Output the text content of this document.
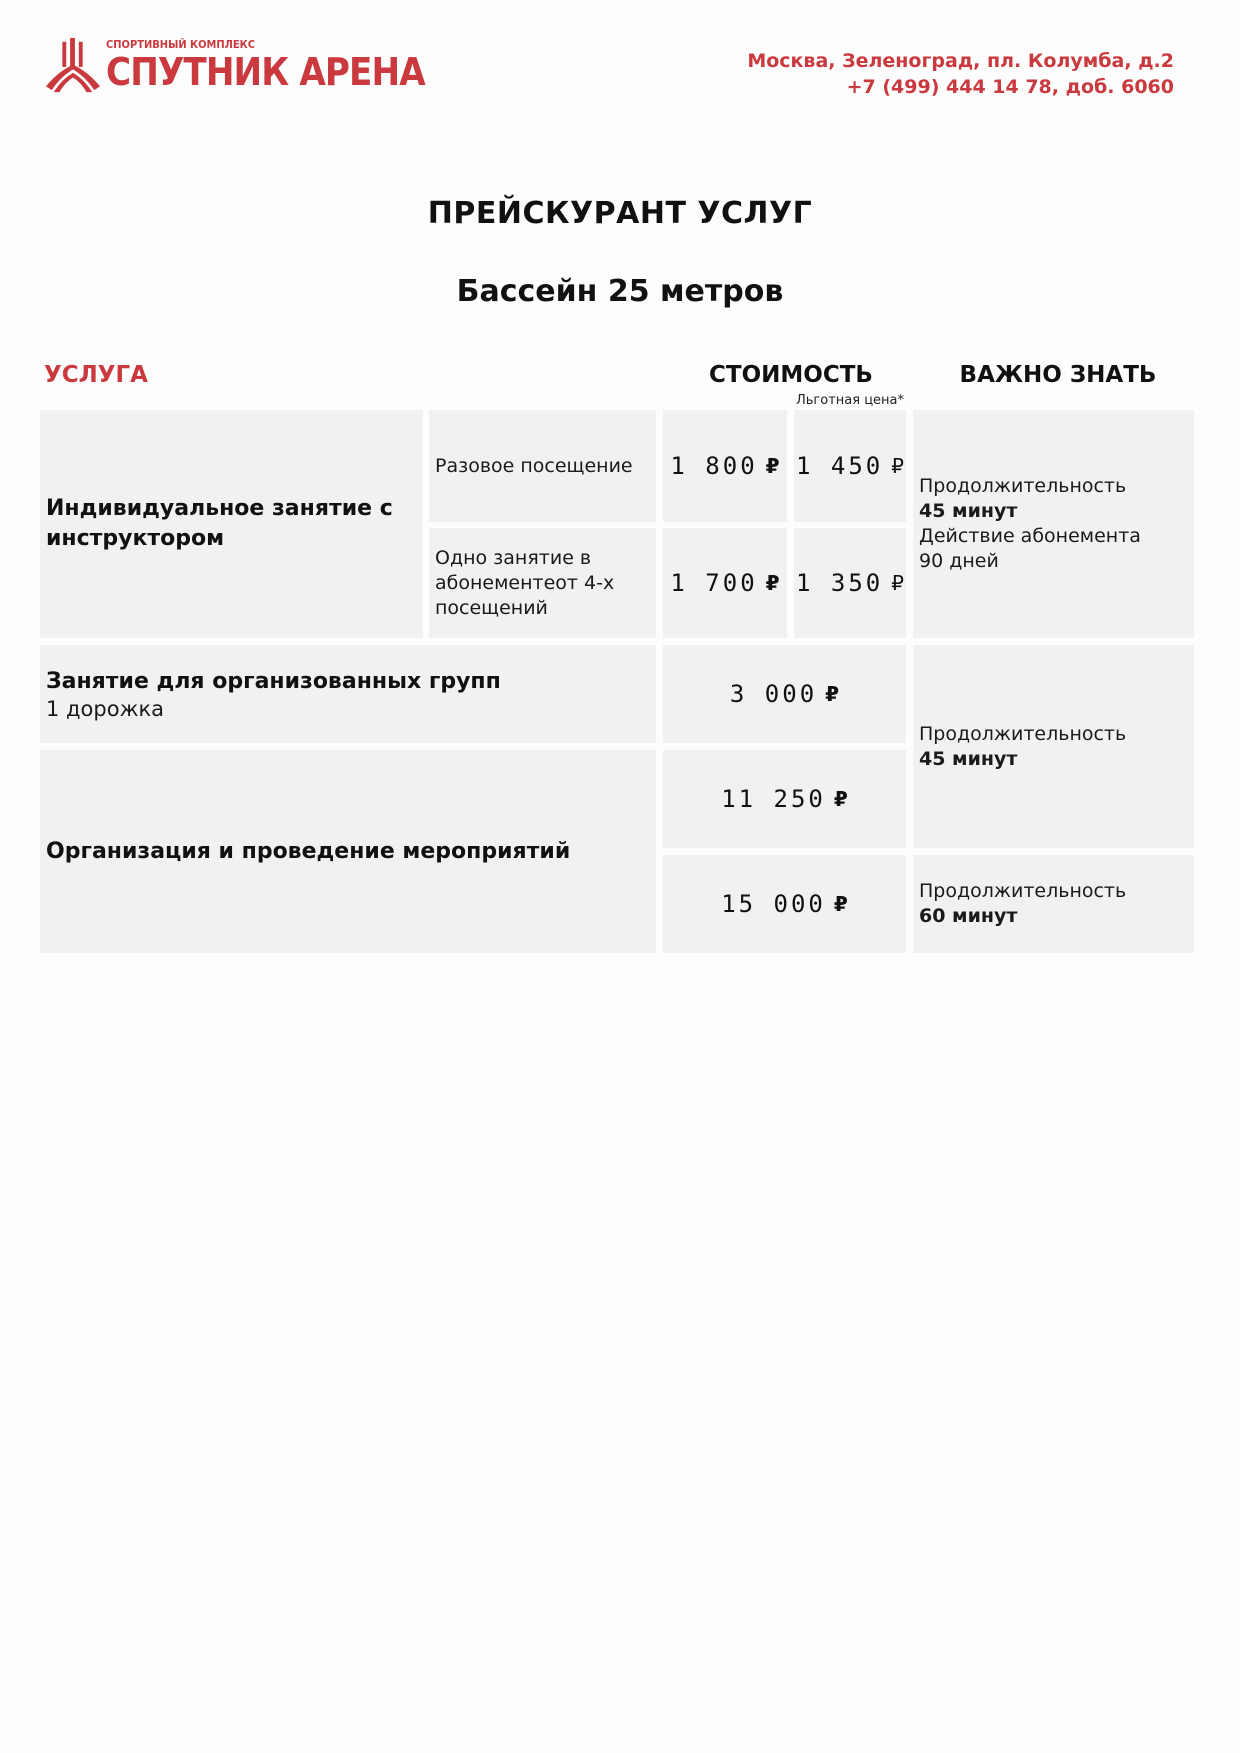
СПОРТИВНЫЙ КОМПЛЕКС
СПУТНИК АРЕНА	Москва, Зеленоград, пл. Колумба, д.2
+7 (499) 444 14 78, доб. 6060
ПРЕЙСКУРАНТ УСЛУГ
Бассейн 25 метров
УСЛУГА	СТОИМОСТЬ
Льготная цена*
ВАЖНО ЗНАТЬ
Индивидуальное занятие с инструктором
Разовое посещение
Одно занятие в абонементеот 4-х посещений
1 800 ₽ 1 450 ₽
1 700 ₽ 1 350 ₽
Продолжительность
45 минут
Действие абонемента
90 дней
Занятие для организованных групп
1 дорожка
3 000 ₽
Продолжительность
45 минут
Организация и проведение мероприятий
11 250 ₽
15 000 ₽
Продолжительность
60 минут
